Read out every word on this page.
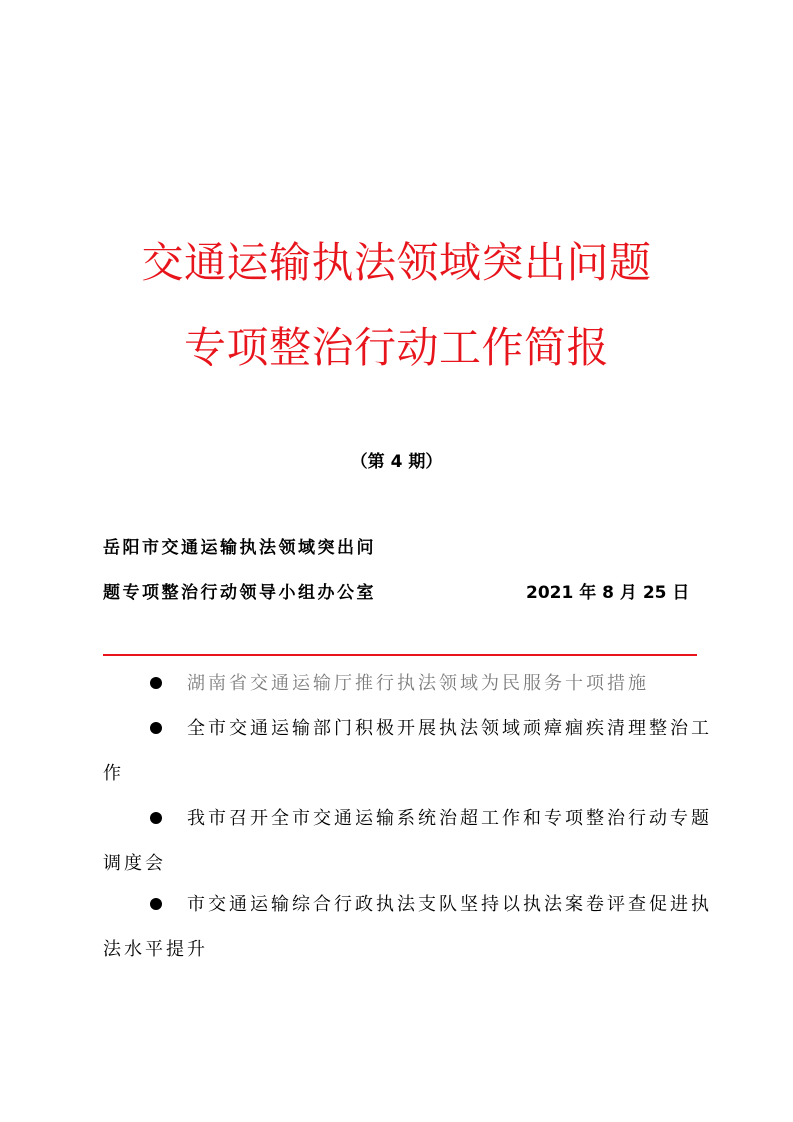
交通运输执法领域突出问题
专项整治行动工作简报
（第 4 期）
岳阳市交通运输执法领域突出问
题专项整治行动领导小组办公室	2021 年 8 月 25 日
湖南省交通运输厅推行执法领域为民服务十项措施
全市交通运输部门积极开展执法领域顽瘴痼疾清理整治工作
我市召开全市交通运输系统治超工作和专项整治行动专题调度会
市交通运输综合行政执法支队坚持以执法案卷评查促进执法水平提升
